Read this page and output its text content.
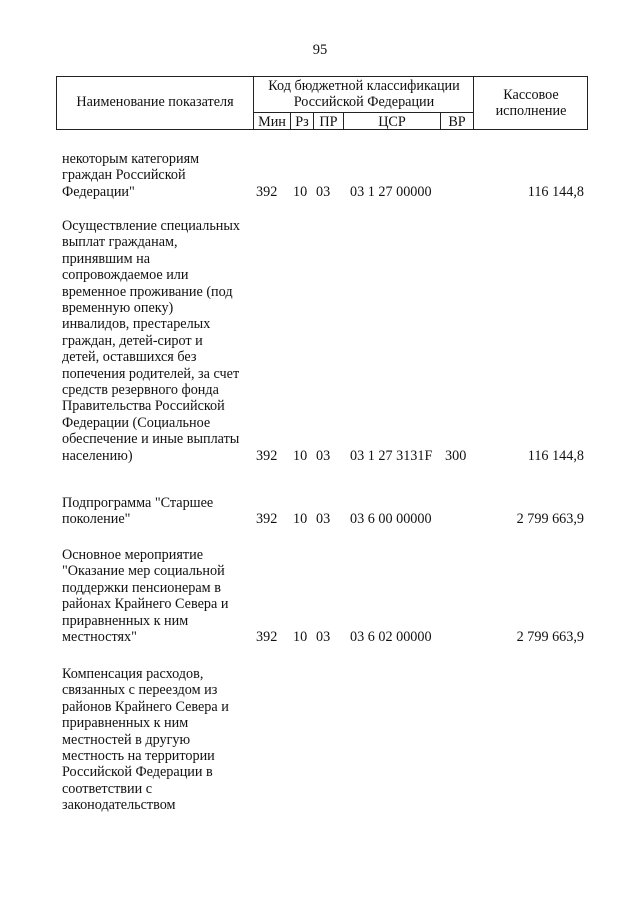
95
Наименование показателя
Код бюджетной классификации
Российской Федерации
Мин Рз ПР	ЦСР	ВР
Кассовое
исполнение
некоторым категориям
граждан Российской
Федерации"	392	10 03	03 1 27 00000	116 144,8
Осуществление специальных
выплат гражданам,
принявшим на
сопровождаемое или
временное проживание (под
временную опеку)
инвалидов, престарелых
граждан, детей-сирот и
детей, оставшихся без
попечения родителей, за счет
средств резервного фонда
Правительства Российской
Федерации (Социальное
обеспечение и иные выплаты
населению)	392	10 03	03 1 27 3131F 300	116 144,8
Подпрограмма "Старшее
поколение"	392	10 03	03 6 00 00000	2 799 663,9
Основное мероприятие
"Оказание мер социальной
поддержки пенсионерам в
районах Крайнего Севера и
приравненных к ним
местностях"	392	10 03	03 6 02 00000	2 799 663,9
Компенсация расходов,
связанных с переездом из
районов Крайнего Севера и
приравненных к ним
местностей в другую
местность на территории
Российской Федерации в
соответствии с
законодательством
